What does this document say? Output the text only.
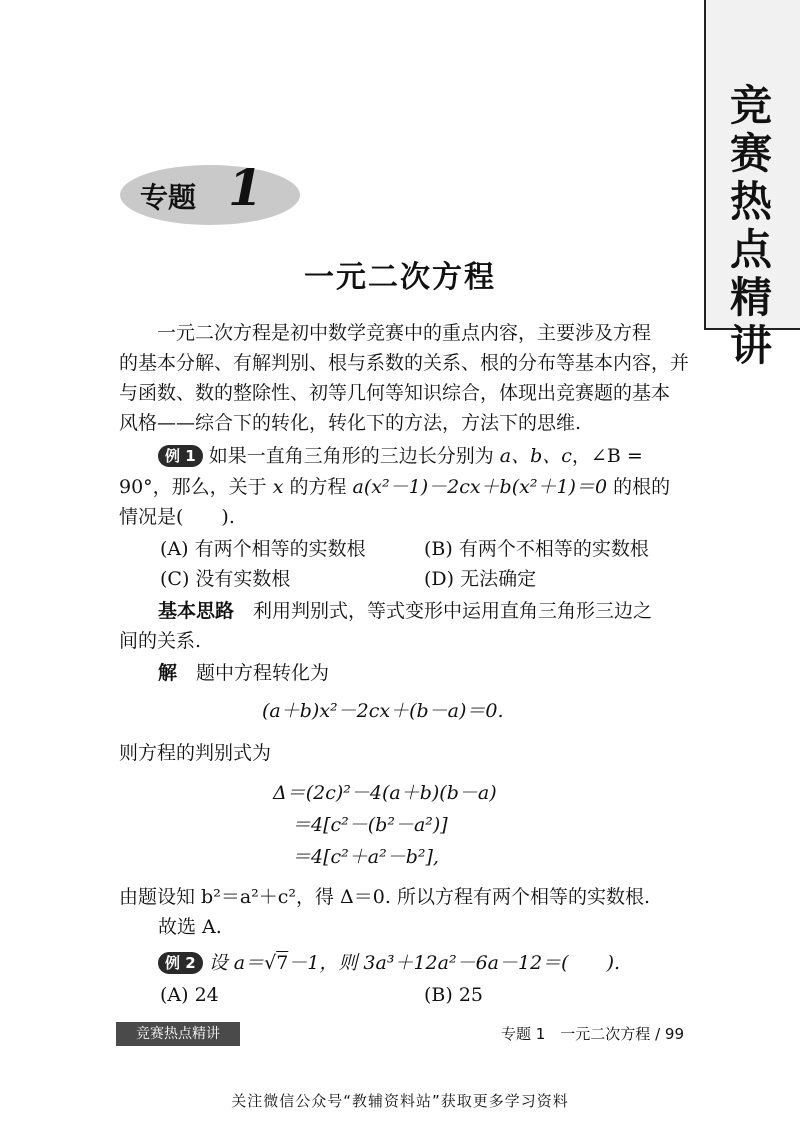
竞
赛
热
点
精
讲
专题 1
一元二次方程
　　一元二次方程是初中数学竞赛中的重点内容，主要涉及方程
的基本分解、有解判别、根与系数的关系、根的分布等基本内容，并
与函数、数的整除性、初等几何等知识综合，体现出竞赛题的基本
风格——综合下的转化，转化下的方法，方法下的思维.
例 1 如果一直角三角形的三边长分别为 a、b、c，∠B =
90°，那么，关于 x 的方程 a(x²－1)－2cx＋b(x²＋1)＝0 的根的
情况是(　　).
(A) 有两个相等的实数根	(B) 有两个不相等的实数根
(C) 没有实数根	(D) 无法确定
基本思路　利用判别式，等式变形中运用直角三角形三边之
间的关系.
解　题中方程转化为
(a＋b)x²－2cx＋(b－a)＝0.
则方程的判别式为
Δ＝(2c)²－4(a＋b)(b－a)
＝4[c²－(b²－a²)]
＝4[c²＋a²－b²],
由题设知 b²＝a²＋c²，得 Δ＝0. 所以方程有两个相等的实数根.
故选 A.
例 2 设 a＝√7－1，则 3a³＋12a²－6a－12＝(　　).
(A) 24	(B) 25
竞赛热点精讲	专题 1　一元二次方程 / 99
关注微信公众号“教辅资料站”获取更多学习资料
